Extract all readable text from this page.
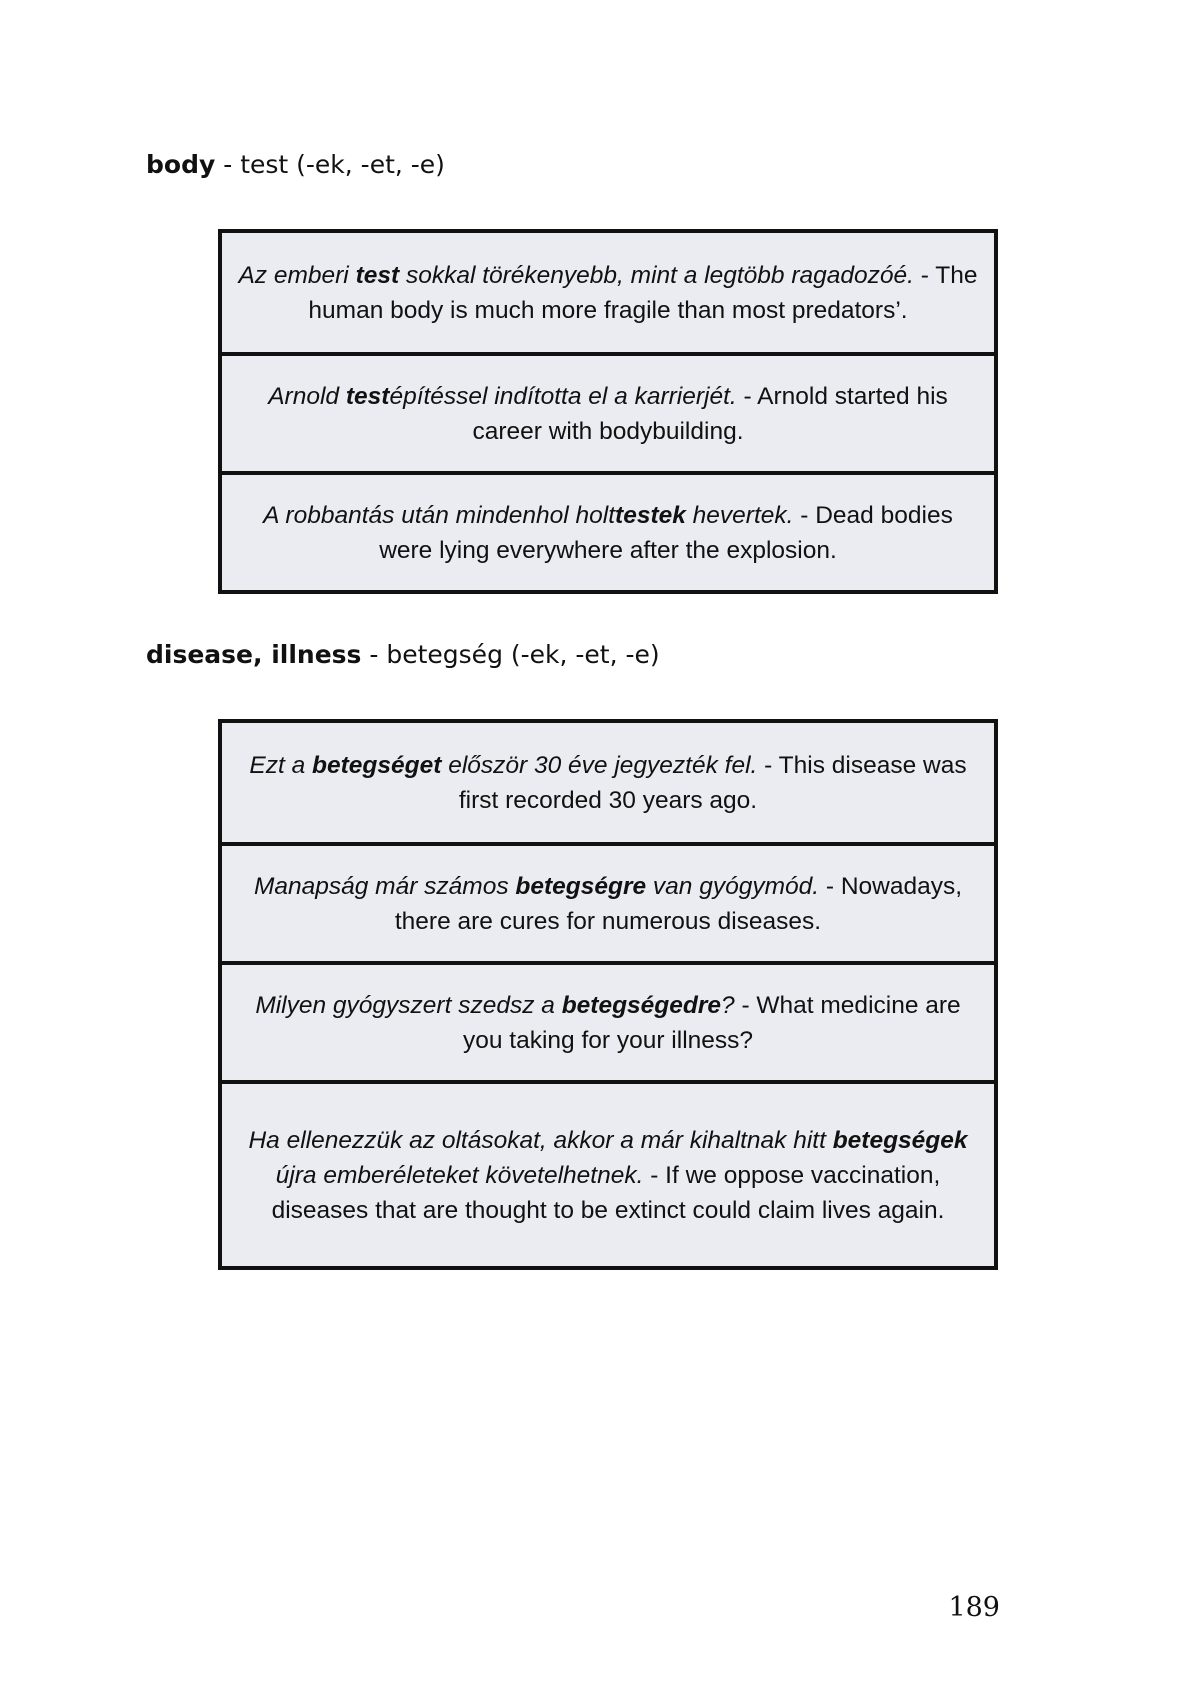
body - test (-ek, -et, -e)
Az emberi test sokkal törékenyebb, mint a legtöbb ragadozóé. - The human body is much more fragile than most predators’.
Arnold testépítéssel indította el a karrierjét. - Arnold started his career with bodybuilding.
A robbantás után mindenhol holttestek hevertek. - Dead bodies were lying everywhere after the explosion.
disease, illness - betegség (-ek, -et, -e)
Ezt a betegséget először 30 éve jegyezték fel. - This disease was first recorded 30 years ago.
Manapság már számos betegségre van gyógymód. - Nowadays, there are cures for numerous diseases.
Milyen gyógyszert szedsz a betegségedre? - What medicine are you taking for your illness?
Ha ellenezzük az oltásokat, akkor a már kihaltnak hitt betegségek újra emberéleteket követelhetnek. - If we oppose vaccination, diseases that are thought to be extinct could claim lives again.
189
